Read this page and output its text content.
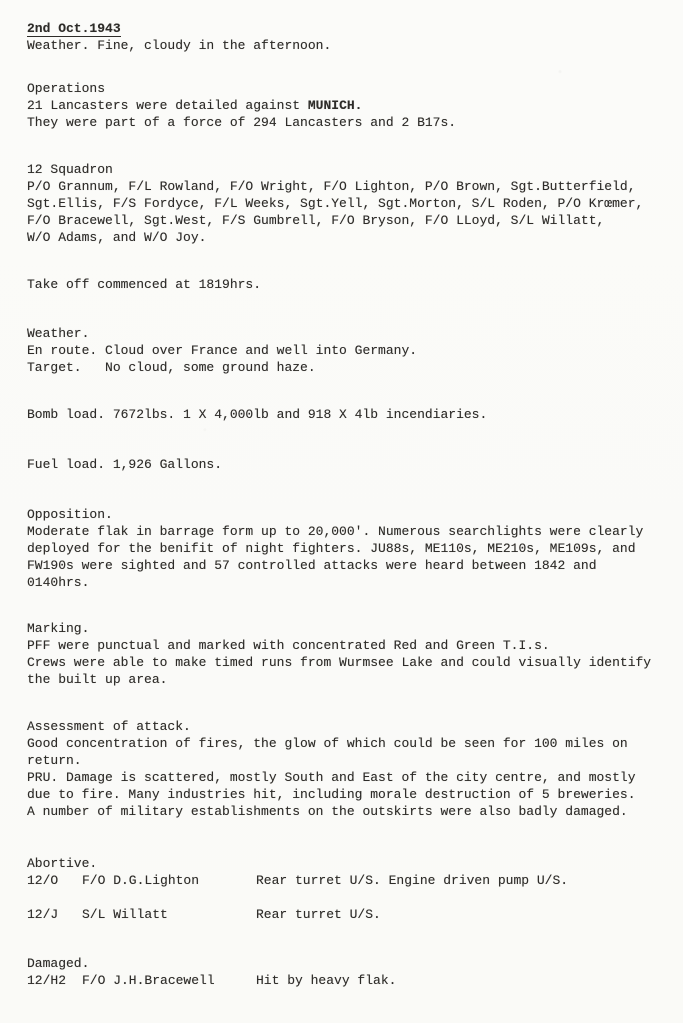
2nd Oct.1943
Weather. Fine, cloudy in the afternoon.
Operations
21 Lancasters were detailed against MUNICH.
They were part of a force of 294 Lancasters and 2 B17s.
12 Squadron
P/O Grannum, F/L Rowland, F/O Wright, F/O Lighton, P/O Brown, Sgt.Butterfield,
Sgt.Ellis, F/S Fordyce, F/L Weeks, Sgt.Yell, Sgt.Morton, S/L Roden, P/O Krœmer,
F/O Bracewell, Sgt.West, F/S Gumbrell, F/O Bryson, F/O LLoyd, S/L Willatt,
W/O Adams, and W/O Joy.
Take off commenced at 1819hrs.
Weather.
En route. Cloud over France and well into Germany.
Target.   No cloud, some ground haze.
Bomb load. 7672lbs. 1 X 4,000lb and 918 X 4lb incendiaries.
Fuel load. 1,926 Gallons.
Opposition.
Moderate flak in barrage form up to 20,000'. Numerous searchlights were clearly
deployed for the benifit of night fighters. JU88s, ME110s, ME210s, ME109s, and
FW190s were sighted and 57 controlled attacks were heard between 1842 and
0140hrs.
Marking.
PFF were punctual and marked with concentrated Red and Green T.I.s.
Crews were able to make timed runs from Wurmsee Lake and could visually identify
the built up area.
Assessment of attack.
Good concentration of fires, the glow of which could be seen for 100 miles on
return.
PRU. Damage is scattered, mostly South and East of the city centre, and mostly
due to fire. Many industries hit, including morale destruction of 5 breweries.
A number of military establishments on the outskirts were also badly damaged.
Abortive.
12/O	F/O D.G.Lighton	Rear turret U/S. Engine driven pump U/S.
12/J	S/L Willatt	Rear turret U/S.
Damaged.
12/H2	F/O J.H.Bracewell	Hit by heavy flak.
